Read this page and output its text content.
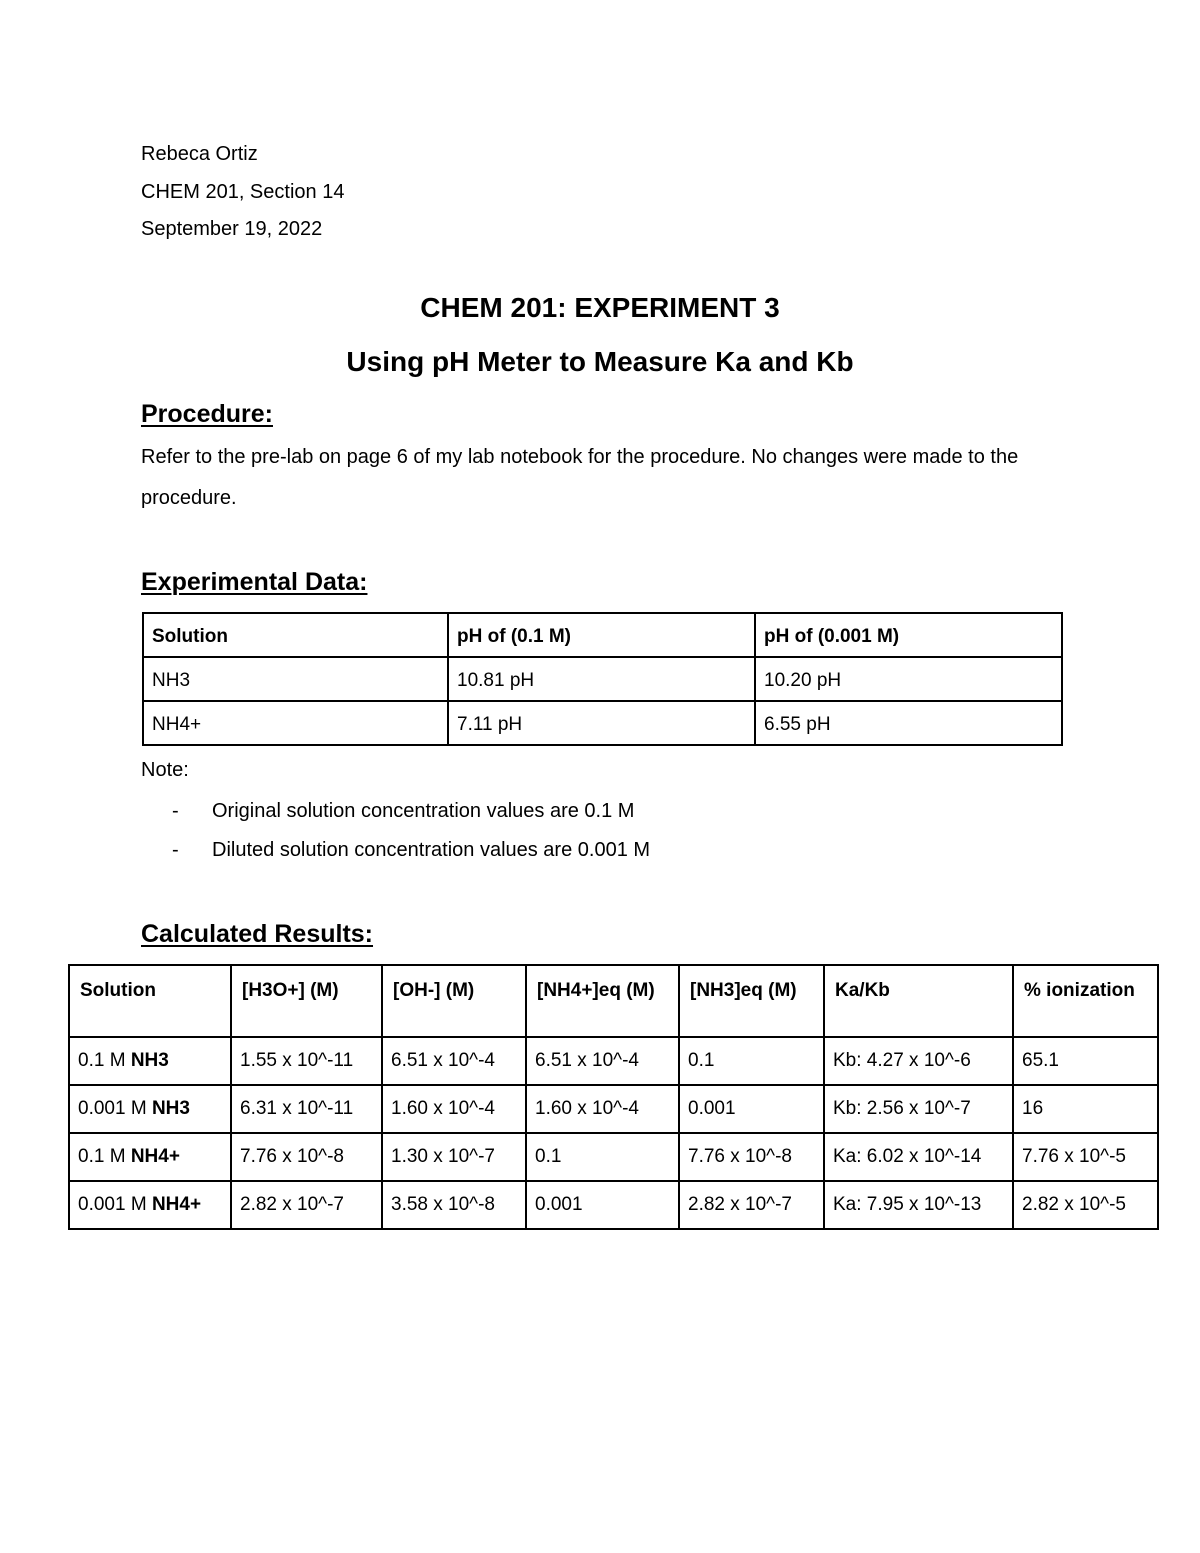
Rebeca Ortiz
CHEM 201, Section 14
September 19, 2022
CHEM 201: EXPERIMENT 3
Using pH Meter to Measure Ka and Kb
Procedure:
Refer to the pre-lab on page 6 of my lab notebook for the procedure. No changes were made to the procedure.
Experimental Data:
Solution	pH of (0.1 M)	pH of (0.001 M)
NH3	10.81 pH	10.20 pH
NH4+	7.11 pH	6.55 pH
Note:
- Original solution concentration values are 0.1 M
- Diluted solution concentration values are 0.001 M
Calculated Results:
Solution	[H3O+] (M)	[OH-] (M)	[NH4+]eq (M)	[NH3]eq (M)	Ka/Kb	% ionization
0.1 M NH3	1.55 x 10^-11	6.51 x 10^-4	6.51 x 10^-4	0.1	Kb: 4.27 x 10^-6	65.1
0.001 M NH3	6.31 x 10^-11	1.60 x 10^-4	1.60 x 10^-4	0.001	Kb: 2.56 x 10^-7	16
0.1 M NH4+	7.76 x 10^-8	1.30 x 10^-7	0.1	7.76 x 10^-8	Ka: 6.02 x 10^-14	7.76 x 10^-5
0.001 M NH4+	2.82 x 10^-7	3.58 x 10^-8	0.001	2.82 x 10^-7	Ka: 7.95 x 10^-13	2.82 x 10^-5
